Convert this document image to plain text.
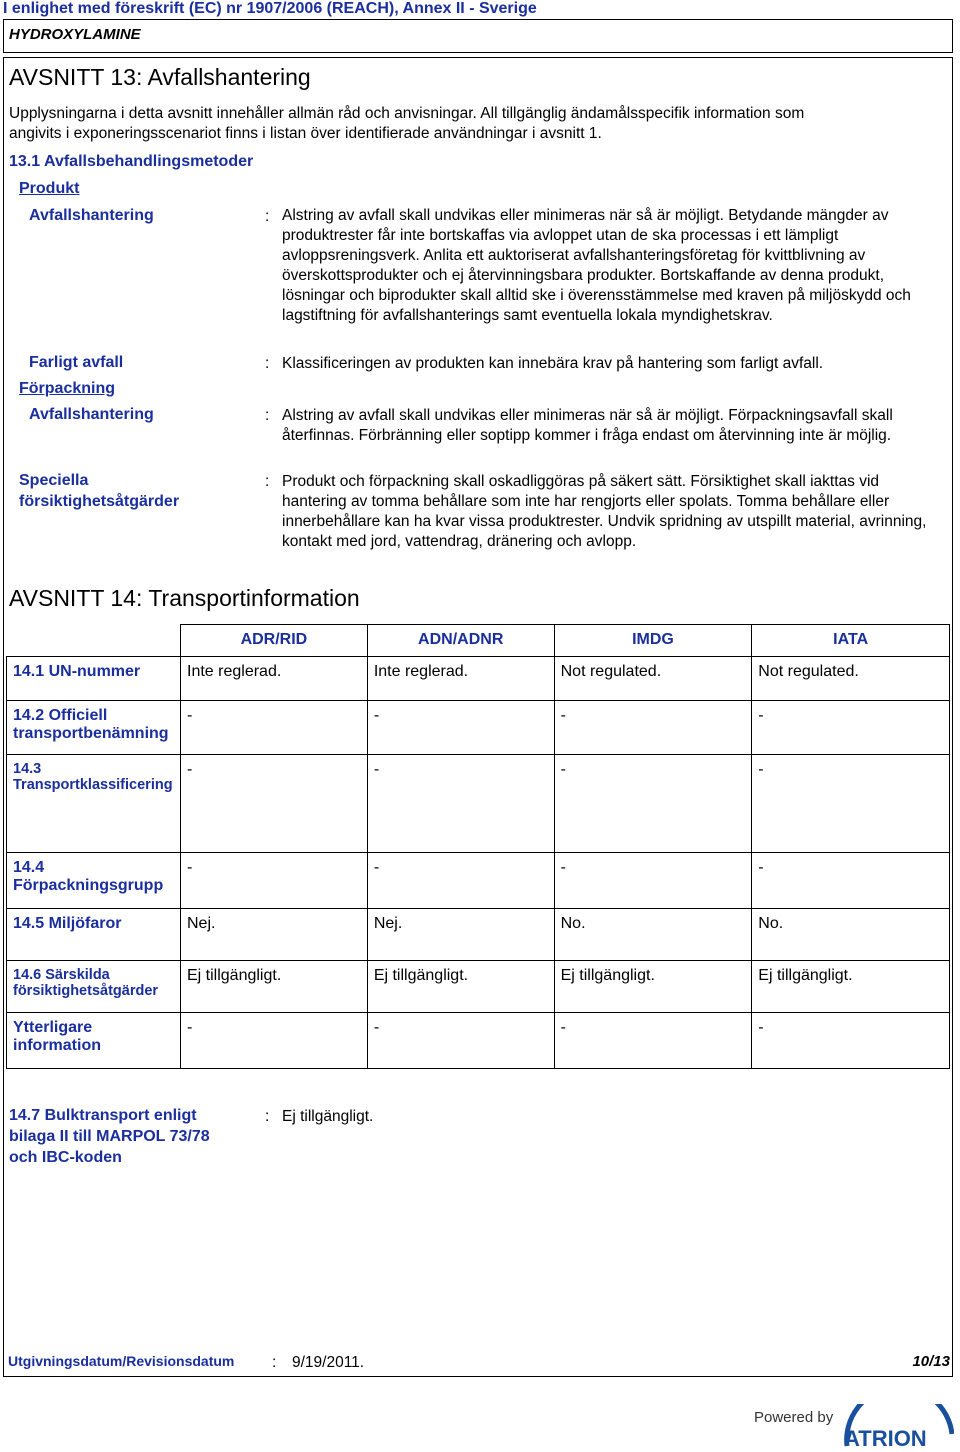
I enlighet med föreskrift (EC) nr 1907/2006 (REACH), Annex II - Sverige
HYDROXYLAMINE
AVSNITT 13: Avfallshantering
Upplysningarna i detta avsnitt innehåller allmän råd och anvisningar. All tillgänglig ändamålsspecifik information som
angivits i exponeringsscenariot finns i listan över identifierade användningar i avsnitt 1.
13.1 Avfallsbehandlingsmetoder
Produkt
Avfallshantering	: Alstring av avfall skall undvikas eller minimeras när så är möjligt. Betydande mängder av produktrester får inte bortskaffas via avloppet utan de ska processas i ett lämpligt avloppsreningsverk. Anlita ett auktoriserat avfallshanteringsföretag för kvittblivning av överskottsprodukter och ej återvinningsbara produkter. Bortskaffande av denna produkt, lösningar och biprodukter skall alltid ske i överensstämmelse med kraven på miljöskydd och lagstiftning för avfallshanterings samt eventuella lokala myndighetskrav.
Farligt avfall	: Klassificeringen av produkten kan innebära krav på hantering som farligt avfall.
Förpackning
Avfallshantering	: Alstring av avfall skall undvikas eller minimeras när så är möjligt. Förpackningsavfall skall återfinnas. Förbränning eller soptipp kommer i fråga endast om återvinning inte är möjlig.
Speciella
försiktighetsåtgärder
: Produkt och förpackning skall oskadliggöras på säkert sätt. Försiktighet skall iakttas vid hantering av tomma behållare som inte har rengjorts eller spolats. Tomma behållare eller innerbehållare kan ha kvar vissa produktrester. Undvik spridning av utspillt material, avrinning, kontakt med jord, vattendrag, dränering och avlopp.
AVSNITT 14: Transportinformation
	ADR/RID	ADN/ADNR	IMDG	IATA
14.1 UN-nummer	Inte reglerad.	Inte reglerad.	Not regulated.	Not regulated.
14.2 Officiell transportbenämning	-	-	-	-
14.3 Transportklassificering	-	-	-	-
14.4 Förpackningsgrupp	-	-	-	-
14.5 Miljöfaror	Nej.	Nej.	No.	No.
14.6 Särskilda försiktighetsåtgärder	Ej tillgängligt.	Ej tillgängligt.	Ej tillgängligt.	Ej tillgängligt.
Ytterligare information	-	-	-	-
14.7 Bulktransport enligt
bilaga II till MARPOL 73/78
och IBC-koden
: Ej tillgängligt.
Utgivningsdatum/Revisionsdatum : 9/19/2011.	10/13
Powered by
ATRION
